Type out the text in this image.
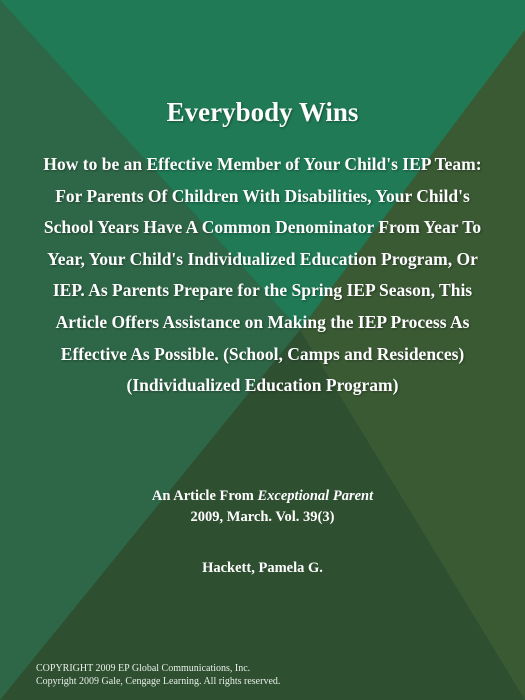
Everybody Wins
How to be an Effective Member of Your Child's IEP Team: For Parents Of Children With Disabilities, Your Child's School Years Have A Common Denominator From Year To Year, Your Child's Individualized Education Program, Or IEP. As Parents Prepare for the Spring IEP Season, This Article Offers Assistance on Making the IEP Process As Effective As Possible. (School, Camps and Residences) (Individualized Education Program)
An Article From Exceptional Parent
2009, March. Vol. 39(3)
Hackett, Pamela G.
COPYRIGHT 2009 EP Global Communications, Inc.
Copyright 2009 Gale, Cengage Learning. All rights reserved.
